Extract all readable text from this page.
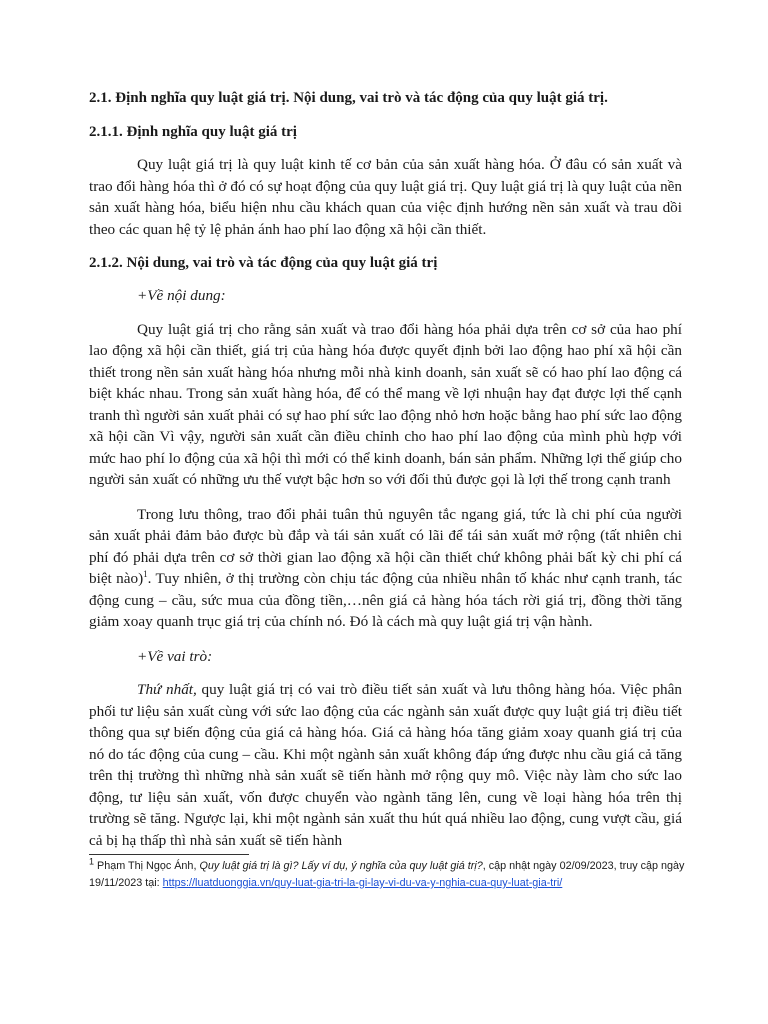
2.1. Định nghĩa quy luật giá trị. Nội dung, vai trò và tác động của quy luật giá trị.
2.1.1. Định nghĩa quy luật giá trị

Quy luật giá trị là quy luật kinh tế cơ bản của sản xuất hàng hóa. Ở đâu có sản xuất và trao đổi hàng hóa thì ở đó có sự hoạt động của quy luật giá trị. Quy luật giá trị là quy luật của nền sản xuất hàng hóa, biểu hiện nhu cầu khách quan của việc định hướng nền sản xuất và trau dồi theo các quan hệ tỷ lệ phản ánh hao phí lao động xã hội cần thiết.

2.1.2. Nội dung, vai trò và tác động của quy luật giá trị

+Về nội dung:

Quy luật giá trị cho rằng sản xuất và trao đổi hàng hóa phải dựa trên cơ sở của hao phí lao động xã hội cần thiết, giá trị của hàng hóa được quyết định bởi lao động hao phí xã hội cần thiết trong nền sản xuất hàng hóa nhưng mỗi nhà kinh doanh, sản xuất sẽ có hao phí lao động cá biệt khác nhau. Trong sản xuất hàng hóa, để có thể mang về lợi nhuận hay đạt được lợi thế cạnh tranh thì người sản xuất phải có sự hao phí sức lao động nhỏ hơn hoặc bằng hao phí sức lao động xã hội cần Vì vậy, người sản xuất cần điều chỉnh cho hao phí lao động của mình phù hợp với mức hao phí lo động của xã hội thì mới có thể kinh doanh, bán sản phẩm. Những lợi thế giúp cho người sản xuất có những ưu thế vượt bậc hơn so với đối thủ được gọi là lợi thế trong cạnh tranh

Trong lưu thông, trao đổi phải tuân thủ nguyên tắc ngang giá, tức là chi phí của người sản xuất phải đảm bảo được bù đắp và tái sản xuất có lãi để tái sản xuất mở rộng (tất nhiên chi phí đó phải dựa trên cơ sở thời gian lao động xã hội cần thiết chứ không phải bất kỳ chi phí cá biệt nào)$^1$. Tuy nhiên, ở thị trường còn chịu tác động của nhiều nhân tố khác như cạnh tranh, tác động cung – cầu, sức mua của đồng tiền,…nên giá cả hàng hóa tách rời giá trị, đồng thời tăng giảm xoay quanh trục giá trị của chính nó. Đó là cách mà quy luật giá trị vận hành.

+Về vai trò:

Thứ nhất, quy luật giá trị có vai trò điều tiết sản xuất và lưu thông hàng hóa. Việc phân phối tư liệu sản xuất cùng với sức lao động của các ngành sản xuất được quy luật giá trị điều tiết thông qua sự biến động của giá cả hàng hóa. Giá cả hàng hóa tăng giảm xoay quanh giá trị của nó do tác động của cung – cầu. Khi một ngành sản xuất không đáp ứng được nhu cầu giá cả tăng trên thị trường thì những nhà sản xuất sẽ tiến hành mở rộng quy mô. Việc này làm cho sức lao động, tư liệu sản xuất, vốn được chuyển vào ngành tăng lên, cung về loại hàng hóa trên thị trường sẽ tăng. Ngược lại, khi một ngành sản xuất thu hút quá nhiều lao động, cung vượt cầu, giá cả bị hạ thấp thì nhà sản xuất sẽ tiến hành

$^1$ Phạm Thị Ngọc Ánh, Quy luật giá trị là gì? Lấy ví dụ, ý nghĩa của quy luật giá trị?, cập nhật ngày 02/09/2023, truy cập ngày 19/11/2023 tại: https://luatduonggia.vn/quy-luat-gia-tri-la-gi-lay-vi-du-va-y-nghia-cua-quy-luat-gia-tri/
